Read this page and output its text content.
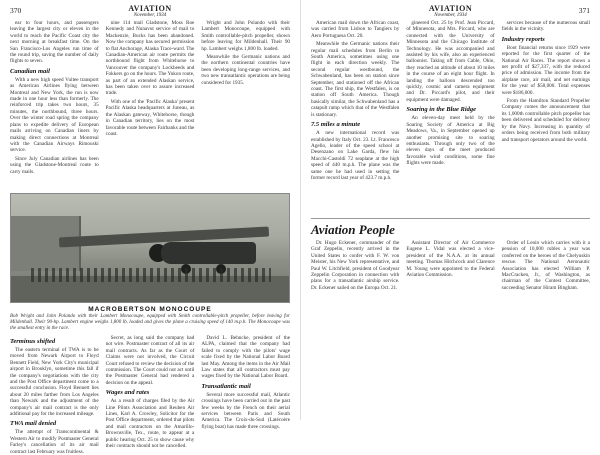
370	AVIATION
November, 1934

ear to four hours, and passengers leaving the largest city or eleven in the world to reach the Pacific Coast city the next morning at breakfast time. On the San Francisco-Los Angeles run time of the round trip, saving the number of daily flights to seven.

Canadian mail

With a new high speed Vultee transport as American Airlines flying between Montreal and New York, the run is now made in one hour less than formerly. The reinforced trip takes two hours, 35 minutes, the northbound, three hours. Over the winter road spring the company plans to expedite delivery of European mails arriving on Canadian liners by making direct connections at Montreal with the Canadian Airways Rimouski service.

Since July Canadian airlines has been using the Gladstone-Montreal route to carry mails.

nine 114 mail Gladstone, Moss Roe Kennedy and Nunavut service of mail to Mackenzie, Bucks has been abandoned. Now the company has secured permission to flat Anchorage, Alaska Trace-ward. The Canadian-American air route permits the northbound flight from Whitehorse to Vancouver the company's Lockheeds and Fokkers go on the hours. The Yukon route, as part of an extended Alaskan service, has been taken over to assure increased trade.

With one of the 'Pacific Alaska' present Pacific Alaska headquarters at Juneau, as the Alaskan gateway, Whitehorse, though in Canadian territory, lies on the most favorable route between Fairbanks and the coast.

Wright and John Polando with their Lambert Monocoupe, equipped with Smith controllable-pitch propeller, shown before leaving for Mildenhall. Their 90 hp. Lambert weighs 1,800 lb. loaded.

Meanwhile the Germanic nations and the northern continental countries have been developing long-range services, and two new transatlantic operations are being considered for 1935.

MACROBERTSON MONOCOUPE
Bob Wright and John Polando with their Lambert Monocoupe, equipped with Smith controllable-pitch propeller, before leaving for Mildenhall. Their 90-hp. Lambert engine weighs 1,800 lb. loaded and gives the plane a cruising speed of 140 m.p.h. The Monocoupe was the smallest entry in the race.
Terminus shifted

The eastern terminal of TWA is to be moved from Newark Airport to Floyd Bennett Field, New York City's municipal airport in Brooklyn, sometime this fall if the company's negotiations with the city and the Post Office department come to a successful conclusion. Floyd Bennett lies about 20 miles farther from Los Angeles than Newark and the adjustment of the company's air mail contract is the only additional pay for the increased mileage.

TWA mail denied

The attempt of Transcontinental & Western Air to modify Postmaster General Farley's cancellation of its air mail contract last February was fruitless.

Secret, as long said the company had not wire. Postmaster contract of all its air mail contracts. As far as the Court of Claims were not involved, the Circuit Court refused to review the decision of the commission. The Court could not act until the Postmaster General had rendered a decision on the appeal.

Wages and rates

As a result of charges filed by the Air Line Pilots Association and Reuben Air Lines, Karl A. Crowley, Solicitor for the Post Office department, ordered that pilots and mail contractors on the Amarillo-Brownsville, Tex., route, to appear at a public hearing Oct. 25 to show cause why their contracts should not be cancelled.

David L. Behncke, president of the ALPA, claimed that the company had failed to comply with the pilots' wage scale fixed by the National Labor Board last May. Among the items in the Air Mail Law states that all contractors must pay wages fixed by the National Labor Board.

Transatlantic mail

Several more successful mail, Atlantic crossings have been carried out in the past few weeks by the French on their aerial services between Paris and South America. The Croix-du-Sud (Latécoère flying boat) has made three crossings.

AVIATION
November, 1934
371

American mail down the African coast, was carried from Lisbon to Tangiers by Aero Portuguesa Oct. 20.

Meanwhile the Germanic nations their regular mail schedules from Berlin to South America, sometimes using one flight in each direction weekly. The second regular westbound, the Schwabenland, has been on station since September, and stationed off the African coast. The first ship, the Westfalen, is on station off South America. Though basically similar, the Schwabenland has a catapult ramp which that of the Westfalen is stationary.

7.5 miles a minute

A new international record was established by Italy Oct. 23. Lt. Francesco Agello, leader of the speed school at Desenzano on Lake Garda, flew his Macchi-Castoldi 72 seaplane at the high speed of 440 m.p.h. The plane was the same one he had used in setting the former record last year of 423.7 m.p.h.

gineered Oct. 25 by Prof. Jean Piccard, of Minnesota, and Mrs. Piccard, who are connected with the University of Minnesota and the Chicago Institute of Technology. He was accompanied and assisted by his wife, also an experienced balloonist. Taking off from Cable, Ohio, they reached an altitude of about 10 miles in the course of an eight hour flight. In landing the balloon descended too quickly, cosmic and camera equipment and Dr. Piccard's pilot, and their equipment were damaged.

Soaring in the Blue Ridge

An eleven-day meet held by the Soaring Society of America at Big Meadows, Va., in September opened up another promising site to soaring enthusiasts. Through only two of the eleven days of the meet produced favorable wind conditions, some fine flights were made.

services because of the numerous small fields in the vicinity.

Industry reports

Boot financial returns since 1929 were reported for the first quarter of the National Air Races. The report shows a net profit of $27,337, with the reduced price of admission. The income from the airplane race, air mail, and net earnings for the year of $58,000. Total expenses were $186,000.

From the Hamilton Standard Propeller Company comes the announcement that its 1,000th controllable pitch propeller has been delivered and scheduled for delivery by the Navy. Increasing in quantity of orders being received from both military and transport operators around the world.

Aviation People

Dr. Hugo Eckener, commander of the Graf Zeppelin, recently arrived in the United States to confer with F. W. von Meister, his New York representative, and Paul W. Litchfield, president of Goodyear Zeppelin Corporation in connection with plans for a transatlantic airship service. Dr. Eckener sailed on the Europa Oct. 21.

Assistant Director of Air Commerce Eugene L. Vidal was elected a vice-president of the N.A.A. at its annual meeting. Thomas Hitchcock and Clarence M. Young were appointed to the Federal Aviation Commission.

Order of Lenin which carries with it a pension of 10,000 rubles a year was conferred on the heroes of the Chelyuskin rescue. The National Aeronautic Association has elected William P. MacCracken, Jr., of Washington, as chairman of the Contest Committee, succeeding Senator Hiram Bingham.
